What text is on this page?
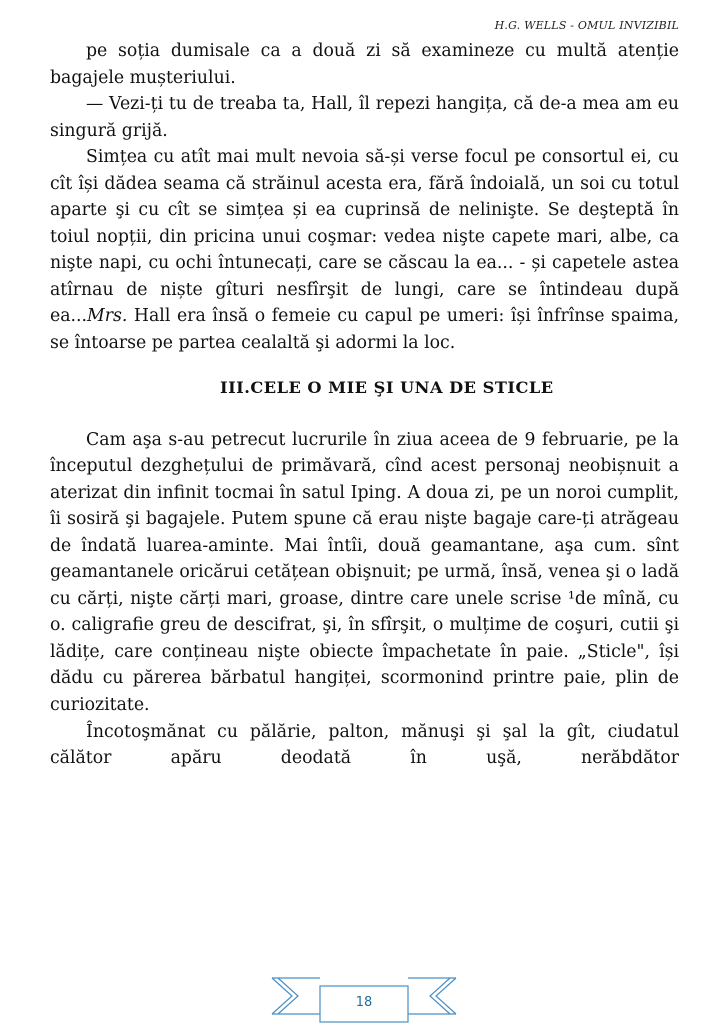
H.G. WELLS - OMUL INVIZIBIL

pe soția dumisale ca a două zi să examineze cu multă atenție bagajele mușteriului.

— Vezi-ți tu de treaba ta, Hall, îl repezi hangița, că de-a mea am eu singură grijă.

Simțea cu atît mai mult nevoia să-și verse focul pe consortul ei, cu cît își dădea seama că străinul acesta era, fără îndoială, un soi cu totul aparte şi cu cît se simțea și ea cuprinsă de nelinişte. Se deşteptă în toiul nopții, din pricina unui coşmar: vedea nişte capete mari, albe, ca nişte napi, cu ochi întunecați, care se căscau la ea... - și capetele astea atîrnau de niște gîturi nesfîrşit de lungi, care se întindeau după ea...Mrs. Hall era însă o femeie cu capul pe umeri: își înfrînse spaima, se întoarse pe partea cealaltă şi adormi la loc.

III.CELE O MIE ŞI UNA DE STICLE

Cam aşa s-au petrecut lucrurile în ziua aceea de 9 februarie, pe la începutul dezghețului de primăvară, cînd acest personaj neobișnuit a aterizat din infinit tocmai în satul Iping. A doua zi, pe un noroi cumplit, îi sosiră şi bagajele. Putem spune că erau nişte bagaje care-ți atrăgeau de îndată luarea-aminte. Mai întîi, două geamantane, aşa cum. sînt geamantanele oricărui cetățean obişnuit; pe urmă, însă, venea şi o ladă cu cărți, nişte cărți mari, groase, dintre care unele scrise ¹de mînă, cu o. caligrafie greu de descifrat, şi, în sfîrşit, o mulțime de coşuri, cutii şi lădițe, care conțineau nişte obiecte împachetate în paie. „Sticle", își dădu cu părerea bărbatul hangiței, scormonind printre paie, plin de curiozitate.

Încotoşmănat cu pălărie, palton, mănuşi şi şal la gît, ciudatul călător apăru deodată în uşă, nerăbdător

18
